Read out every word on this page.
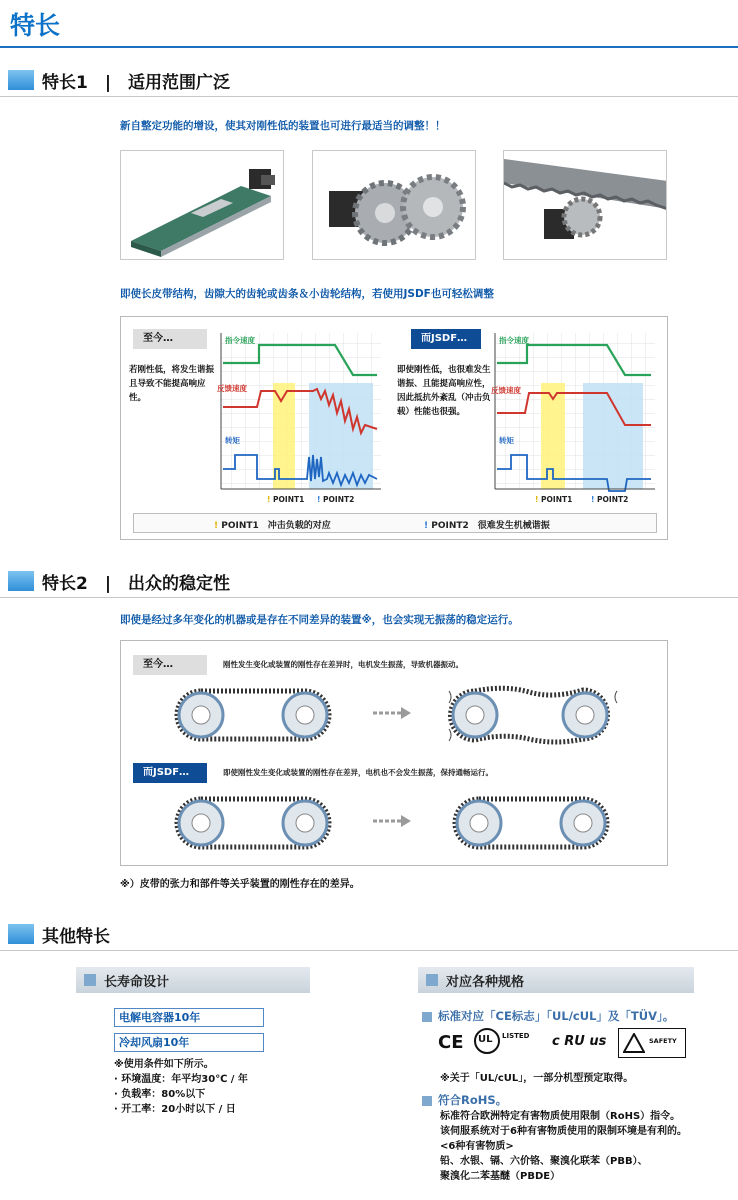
特长
特长1　|　适用范围广泛
新自整定功能的增设，使其对刚性低的装置也可进行最适当的调整！！
即使长皮带结构，齿隙大的齿轮或齿条＆小齿轮结构，若使用JSDF也可轻松调整
至今…
若刚性低，将发生谐振且导致不能提高响应性。
指令速度
反馈速度
转矩
! POINT1 ! POINT2
而JSDF…
即使刚性低，也很难发生谐振、且能提高响应性，因此抵抗外紊乱（冲击负载）性能也很强。
指令速度
反馈速度
转矩
! POINT1 ! POINT2
! POINT1　 冲击负载的对应	! POINT2　 很难发生机械谐振
特长2　|　出众的稳定性
即使是经过多年变化的机器或是存在不同差异的装置※，也会实现无振荡的稳定运行。
至今…	刚性发生变化或装置的刚性存在差异时，电机发生振荡，导致机器振动。
而JSDF…	即使刚性发生变化或装置的刚性存在差异，电机也不会发生振荡，保持通畅运行。
※）皮带的张力和部件等关乎装置的刚性存在的差异。
其他特长
长寿命设计
电解电容器10年
冷却风扇10年
※使用条件如下所示。
· 环境温度：年平均30℃ / 年
· 负载率：80%以下
· 开工率：20小时以下 / 日
对应各种规格
标准对应「CE标志」「UL/cUL」及「TÜV」。
CE UL LISTED c RU us	SAFETY
※关于「UL/cUL」，一部分机型预定取得。
符合RoHS。
标准符合欧洲特定有害物质使用限制（RoHS）指令。
该伺服系统对于6种有害物质使用的限制环境是有利的。
<6种有害物质>
铅、水银、镉、六价铬、聚溴化联苯（PBB）、
聚溴化二苯基醚（PBDE）
